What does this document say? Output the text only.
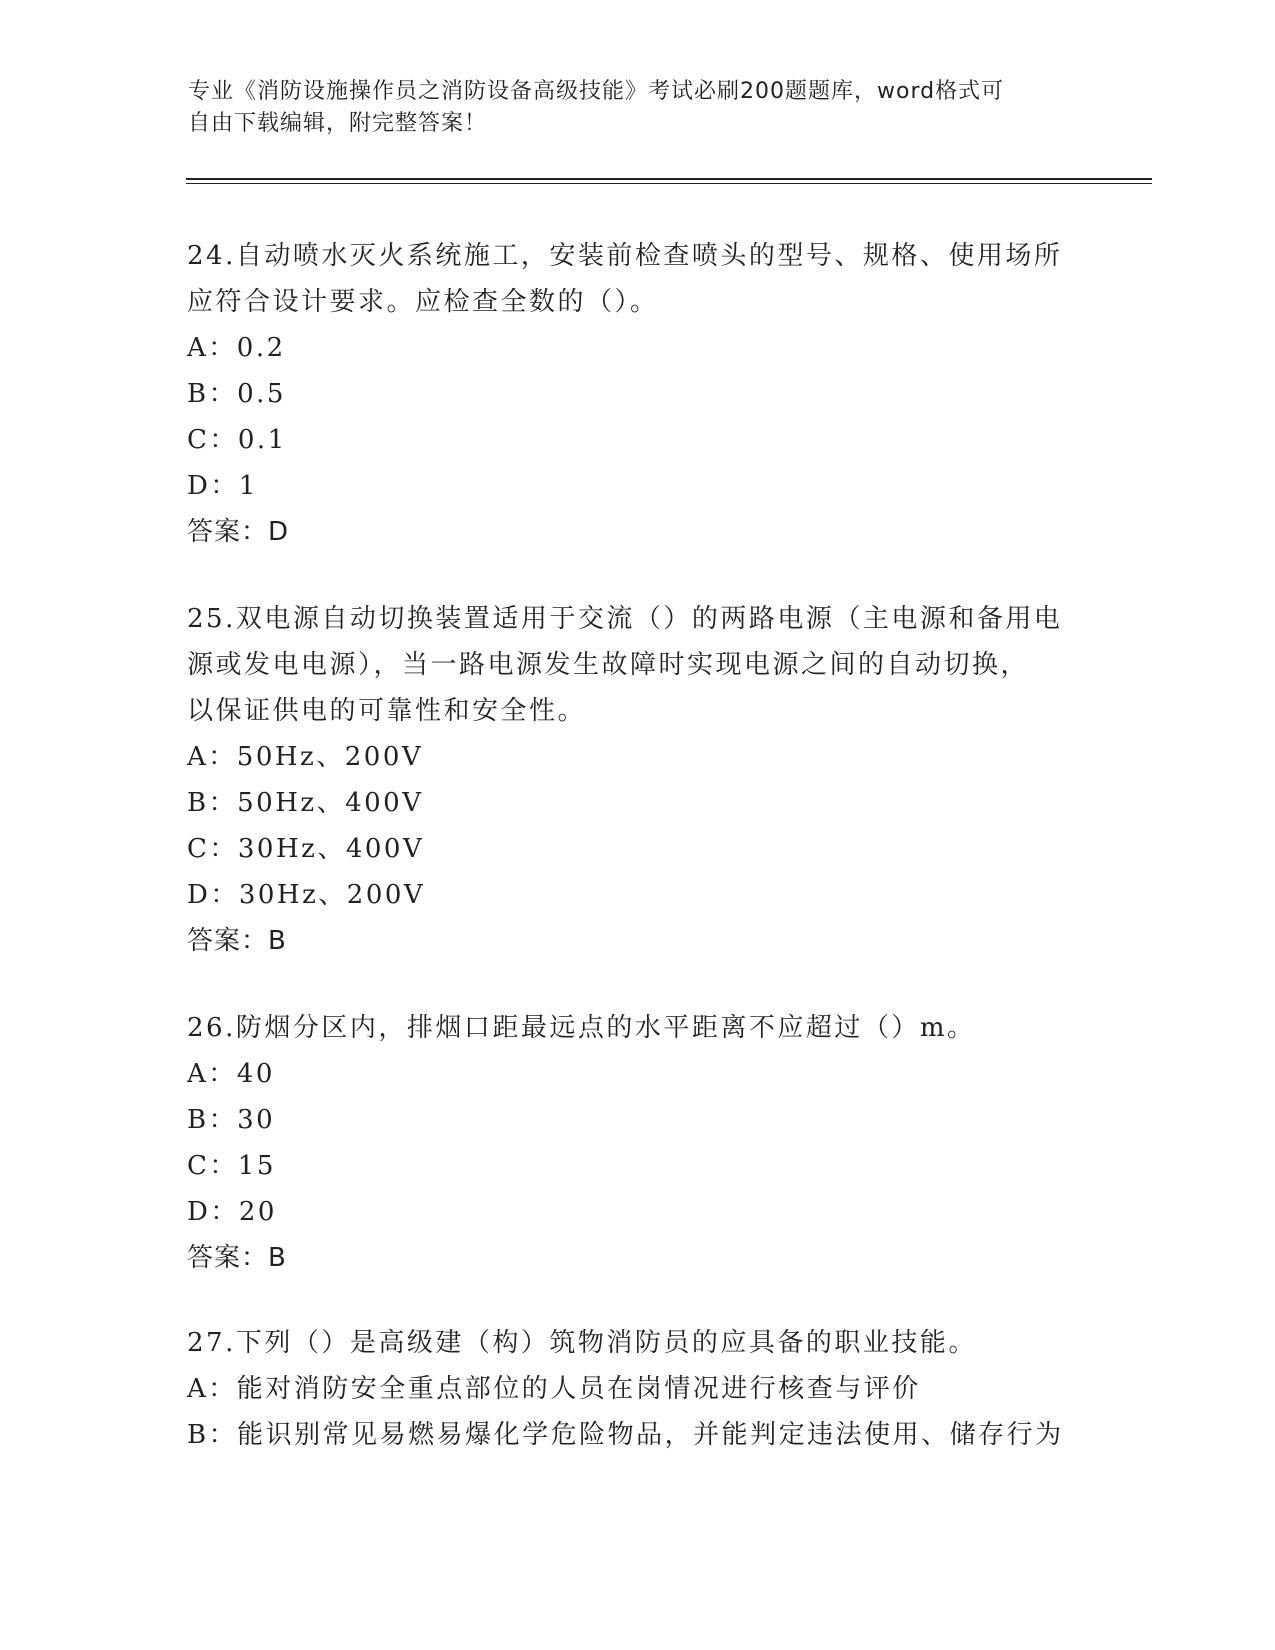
专业《消防设施操作员之消防设备高级技能》考试必刷200题题库，word格式可
自由下载编辑，附完整答案！
24.自动喷水灭火系统施工，安装前检查喷头的型号、规格、使用场所
应符合设计要求。应检查全数的（）。
A：0.2
B：0.5
C：0.1
D：1
答案：D
25.双电源自动切换装置适用于交流（）的两路电源（主电源和备用电
源或发电电源），当一路电源发生故障时实现电源之间的自动切换，
以保证供电的可靠性和安全性。
A：50Hz、200V
B：50Hz、400V
C：30Hz、400V
D：30Hz、200V
答案：B
26.防烟分区内，排烟口距最远点的水平距离不应超过（）m。
A：40
B：30
C：15
D：20
答案：B
27.下列（）是高级建（构）筑物消防员的应具备的职业技能。
A：能对消防安全重点部位的人员在岗情况进行核查与评价
B：能识别常见易燃易爆化学危险物品，并能判定违法使用、储存行为
